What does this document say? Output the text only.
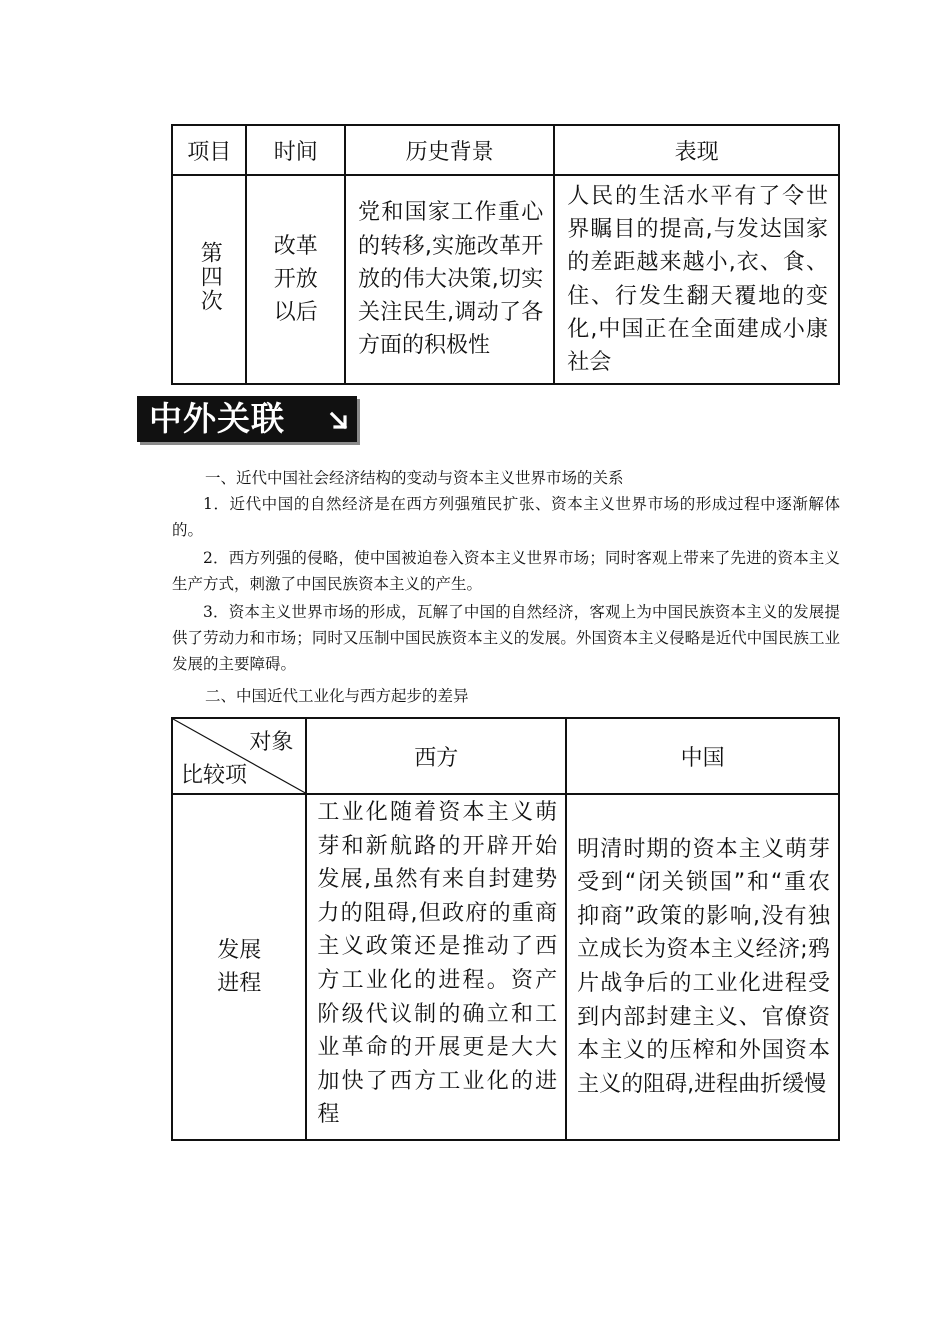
项目	时间	历史背景	表现
第四次	改革
开放
以后	党和国家工作重心的转移,实施改革开放的伟大决策,切实关注民生,调动了各方面的积极性	人民的生活水平有了令世界瞩目的提高,与发达国家的差距越来越小,衣、食、住、行发生翻天覆地的变化,中国正在全面建成小康社会
中外关联

一、近代中国社会经济结构的变动与资本主义世界市场的关系

1．近代中国的自然经济是在西方列强殖民扩张、资本主义世界市场的形成过程中逐渐解体的。

2．西方列强的侵略，使中国被迫卷入资本主义世界市场；同时客观上带来了先进的资本主义生产方式，刺激了中国民族资本主义的产生。

3．资本主义世界市场的形成，瓦解了中国的自然经济，客观上为中国民族资本主义的发展提供了劳动力和市场；同时又压制中国民族资本主义的发展。外国资本主义侵略是近代中国民族工业发展的主要障碍。

二、中国近代工业化与西方起步的差异

对象
比较项	西方	中国

发展
进程	工业化随着资本主义萌芽和新航路的开辟开始发展,虽然有来自封建势力的阻碍,但政府的重商主义政策还是推动了西方工业化的进程。资产阶级代议制的确立和工业革命的开展更是大大加快了西方工业化的进程	明清时期的资本主义萌芽受到“闭关锁国”和“重农抑商”政策的影响,没有独立成长为资本主义经济;鸦片战争后的工业化进程受到内部封建主义、官僚资本主义的压榨和外国资本主义的阻碍,进程曲折缓慢
